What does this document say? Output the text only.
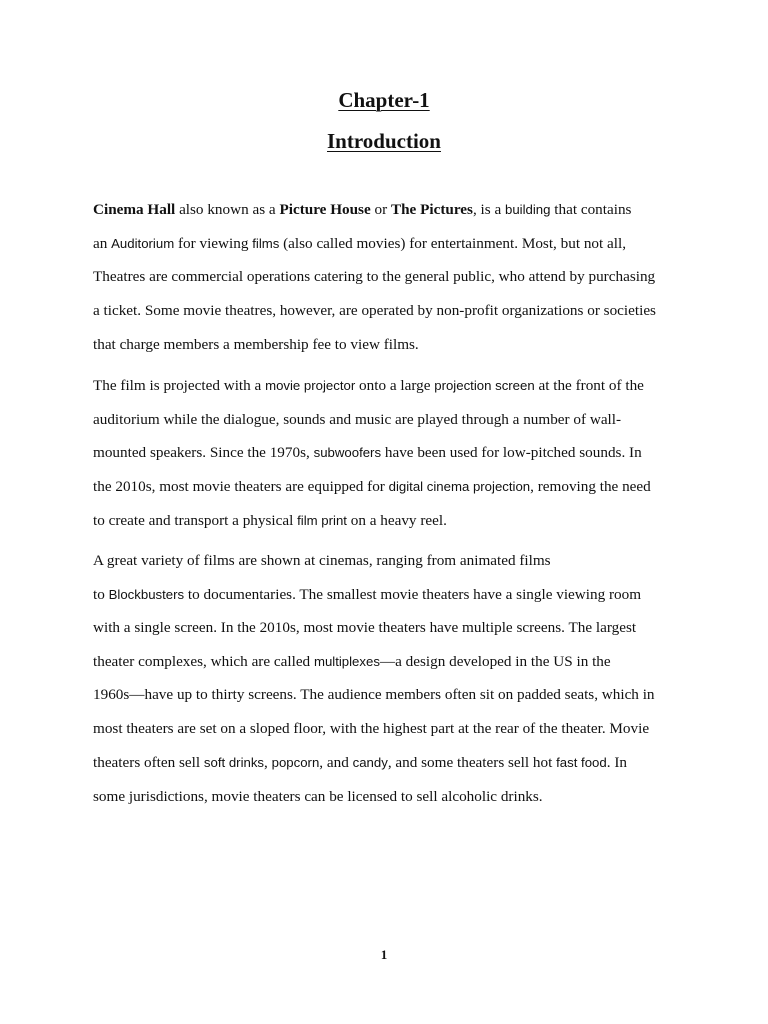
Chapter-1
Introduction
Cinema Hall also known as a Picture House or The Pictures, is a building that contains
an Auditorium for viewing films (also called movies) for entertainment. Most, but not all,
Theatres are commercial operations catering to the general public, who attend by purchasing
a ticket. Some movie theatres, however, are operated by non-profit organizations or societies
that charge members a membership fee to view films.
The film is projected with a movie projector onto a large projection screen at the front of the
auditorium while the dialogue, sounds and music are played through a number of wall-
mounted speakers. Since the 1970s, subwoofers have been used for low-pitched sounds. In
the 2010s, most movie theaters are equipped for digital cinema projection, removing the need
to create and transport a physical film print on a heavy reel.
A great variety of films are shown at cinemas, ranging from animated films
to Blockbusters to documentaries. The smallest movie theaters have a single viewing room
with a single screen. In the 2010s, most movie theaters have multiple screens. The largest
theater complexes, which are called multiplexes—a design developed in the US in the
1960s—have up to thirty screens. The audience members often sit on padded seats, which in
most theaters are set on a sloped floor, with the highest part at the rear of the theater. Movie
theaters often sell soft drinks, popcorn, and candy, and some theaters sell hot fast food. In
some jurisdictions, movie theaters can be licensed to sell alcoholic drinks.
1
